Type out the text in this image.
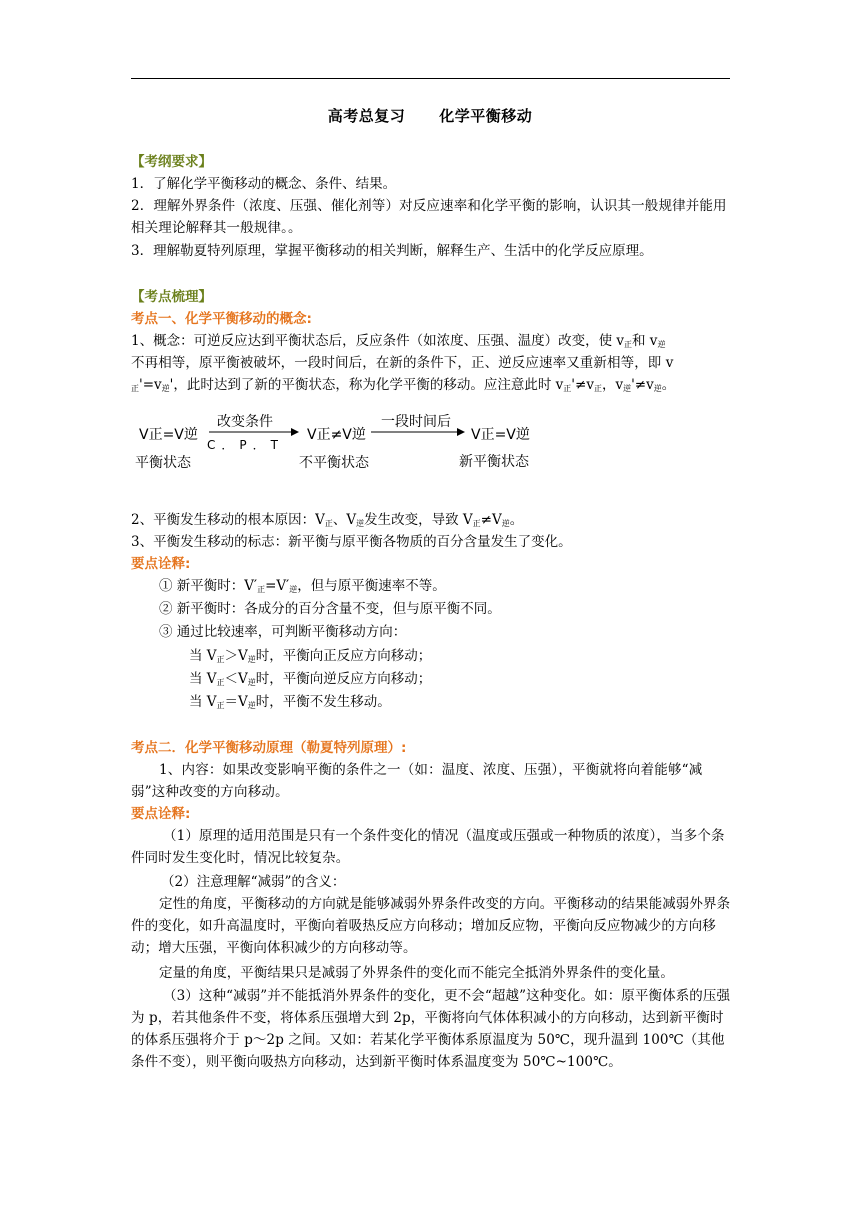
高考总复习 化学平衡移动
【考纲要求】
1．了解化学平衡移动的概念、条件、结果。
2．理解外界条件（浓度、压强、催化剂等）对反应速率和化学平衡的影响，认识其一般规律并能用相关理论解释其一般规律。。
3．理解勒夏特列原理，掌握平衡移动的相关判断，解释生产、生活中的化学反应原理。
【考点梳理】
考点一、化学平衡移动的概念:
1、概念：可逆反应达到平衡状态后，反应条件（如浓度、压强、温度）改变，使 $v_正$和 $v_逆$
不再相等，原平衡被破坏，一段时间后，在新的条件下，正、逆反应速率又重新相等，即 v
$_正'=v_逆'$，此时达到了新的平衡状态，称为化学平衡的移动。应注意此时 $v_正'\ne v_正$，$v_逆'\ne v_逆$。
V正=V逆
平衡状态
改变条件
C．P．T
V正≠V逆
不平衡状态
一段时间后
V正=V逆
新平衡状态
2、平衡发生移动的根本原因：$V_正$、$V_逆$发生改变，导致 $V_正\ne V_逆$。
3、平衡发生移动的标志：新平衡与原平衡各物质的百分含量发生了变化。
要点诠释:
① 新平衡时：$V'_正=V'_逆$，但与原平衡速率不等。
② 新平衡时：各成分的百分含量不变，但与原平衡不同。
③ 通过比较速率，可判断平衡移动方向：
当 $V_正>V_逆$时，平衡向正反应方向移动；
当 $V_正<V_逆$时，平衡向逆反应方向移动；
当 $V_正=V_逆$时，平衡不发生移动。
考点二．化学平衡移动原理（勒夏特列原理）:
1、内容：如果改变影响平衡的条件之一（如：温度、浓度、压强），平衡就将向着能够“减弱”这种改变的方向移动。
要点诠释:
（1）原理的适用范围是只有一个条件变化的情况（温度或压强或一种物质的浓度），当多个条件同时发生变化时，情况比较复杂。
（2）注意理解“减弱”的含义：
定性的角度，平衡移动的方向就是能够减弱外界条件改变的方向。平衡移动的结果能减弱外界条件的变化，如升高温度时，平衡向着吸热反应方向移动；增加反应物，平衡向反应物减少的方向移动；增大压强，平衡向体积减少的方向移动等。
定量的角度，平衡结果只是减弱了外界条件的变化而不能完全抵消外界条件的变化量。
（3）这种“减弱”并不能抵消外界条件的变化，更不会“超越”这种变化。如：原平衡体系的压强为 p，若其他条件不变，将体系压强增大到 2p，平衡将向气体体积减小的方向移动，达到新平衡时的体系压强将介于 p～2p 之间。又如：若某化学平衡体系原温度为 50℃，现升温到 100℃（其他条件不变），则平衡向吸热方向移动，达到新平衡时体系温度变为 50℃~100℃。
